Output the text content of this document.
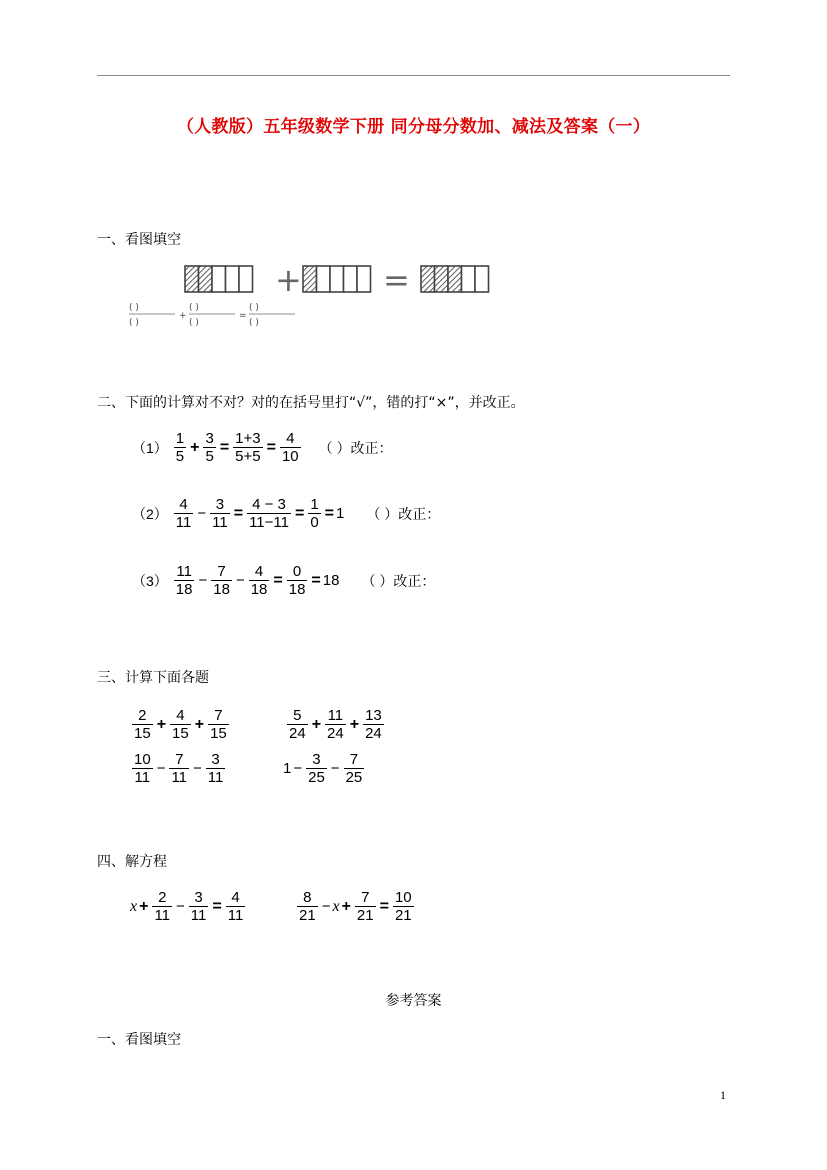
（人教版）五年级数学下册 同分母分数加、减法及答案（一）
一、看图填空
+	=
( )
( )
+
( )
( )
=
( )
( )
二、下面的计算对不对？对的在括号里打“√”，错的打“×”，并改正。
$(1) \frac{1}{5} + \frac{3}{5} = \frac{1+3}{5+5} = \frac{4}{10}$ （ ）改正：
$(2) \frac{4}{11} - \frac{3}{11} = \frac{4 - 3}{11-11} = \frac{1}{0} = 1$ （ ）改正：
$(3) \frac{11}{18} - \frac{7}{18} - \frac{4}{18} = \frac{0}{18} = 18$ （ ）改正：
三、计算下面各题
$\frac{2}{15} + \frac{4}{15} + \frac{7}{15}$	$\frac{5}{24} + \frac{11}{24} + \frac{13}{24}$
$\frac{10}{11} - \frac{7}{11} - \frac{3}{11}$	$1 - \frac{3}{25} - \frac{7}{25}$
四、解方程
$x + \frac{2}{11} - \frac{3}{11} = \frac{4}{11}$	$\frac{8}{21} - x + \frac{7}{21} = \frac{10}{21}$
参考答案
一、看图填空
1
